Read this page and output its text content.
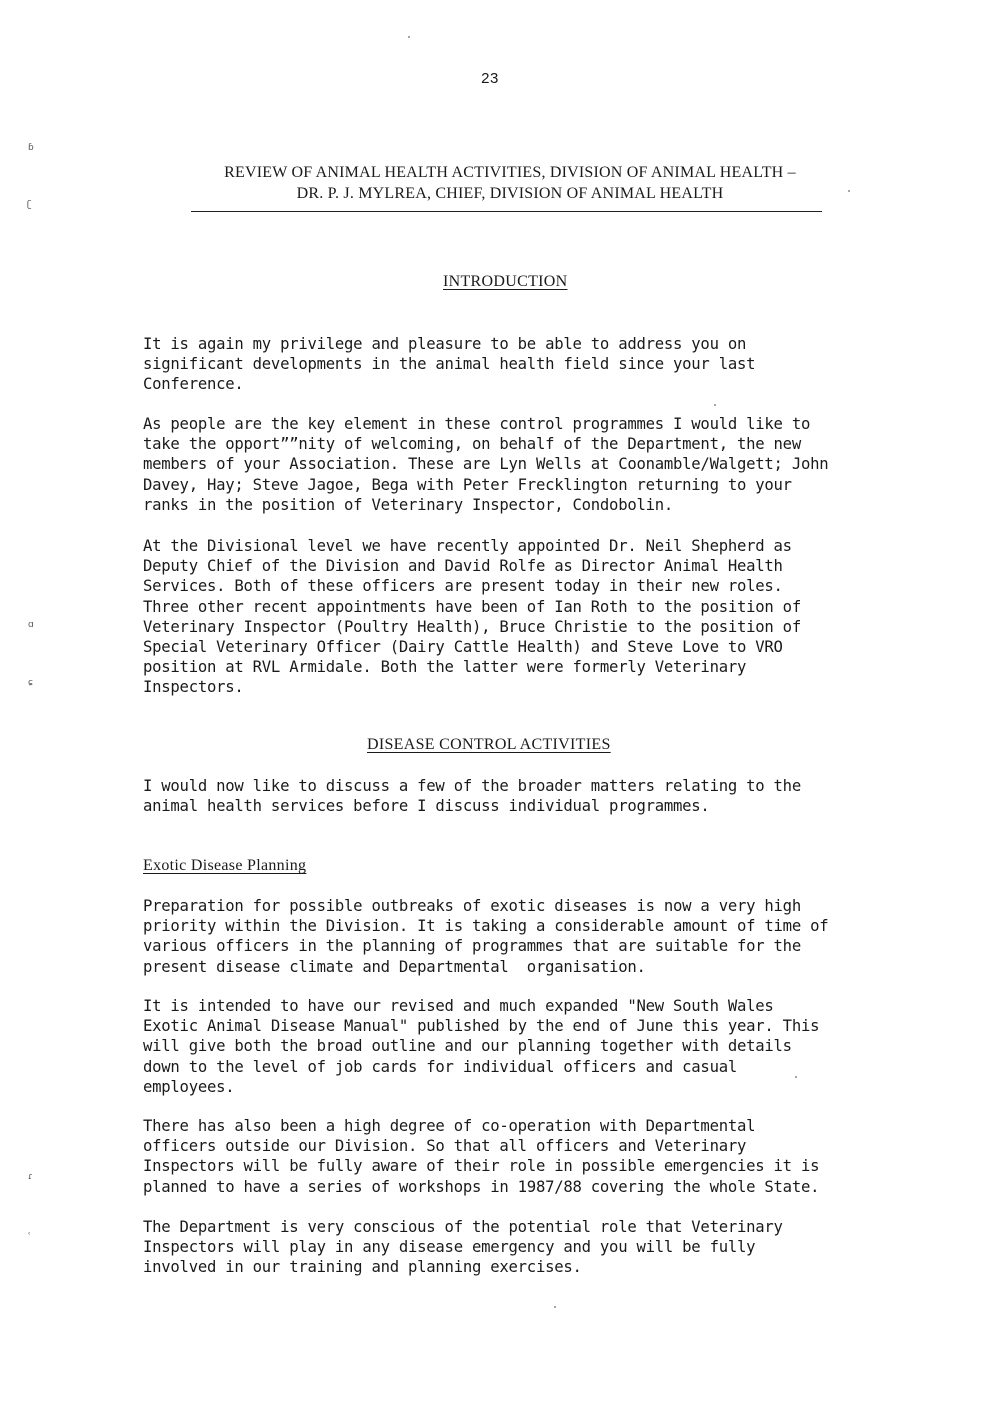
23
REVIEW OF ANIMAL HEALTH ACTIVITIES, DIVISION OF ANIMAL HEALTH –
DR. P. J. MYLREA, CHIEF, DIVISION OF ANIMAL HEALTH
INTRODUCTION

It is again my privilege and pleasure to be able to address you on
significant developments in the animal health field since your last
Conference.

As people are the key element in these control programmes I would like to
take the opport””nity of welcoming, on behalf of the Department, the new
members of your Association. These are Lyn Wells at Coonamble/Walgett; John
Davey, Hay; Steve Jagoe, Bega with Peter Frecklington returning to your
ranks in the position of Veterinary Inspector, Condobolin.

At the Divisional level we have recently appointed Dr. Neil Shepherd as
Deputy Chief of the Division and David Rolfe as Director Animal Health
Services. Both of these officers are present today in their new roles.
Three other recent appointments have been of Ian Roth to the position of
Veterinary Inspector (Poultry Health), Bruce Christie to the position of
Special Veterinary Officer (Dairy Cattle Health) and Steve Love to VRO
position at RVL Armidale. Both the latter were formerly Veterinary
Inspectors.

DISEASE CONTROL ACTIVITIES

I would now like to discuss a few of the broader matters relating to the
animal health services before I discuss individual programmes.

Exotic Disease Planning

Preparation for possible outbreaks of exotic diseases is now a very high
priority within the Division. It is taking a considerable amount of time of
various officers in the planning of programmes that are suitable for the
present disease climate and Departmental  organisation.

It is intended to have our revised and much expanded "New South Wales
Exotic Animal Disease Manual" published by the end of June this year. This
will give both the broad outline and our planning together with details
down to the level of job cards for individual officers and casual
employees.

There has also been a high degree of co-operation with Departmental
officers outside our Division. So that all officers and Veterinary
Inspectors will be fully aware of their role in possible emergencies it is
planned to have a series of workshops in 1987/88 covering the whole State.

The Department is very conscious of the potential role that Veterinary
Inspectors will play in any disease emergency and you will be fully
involved in our training and planning exercises.

ɓ
ʗ
ɑ
ɕ
ɾ
ʿ
